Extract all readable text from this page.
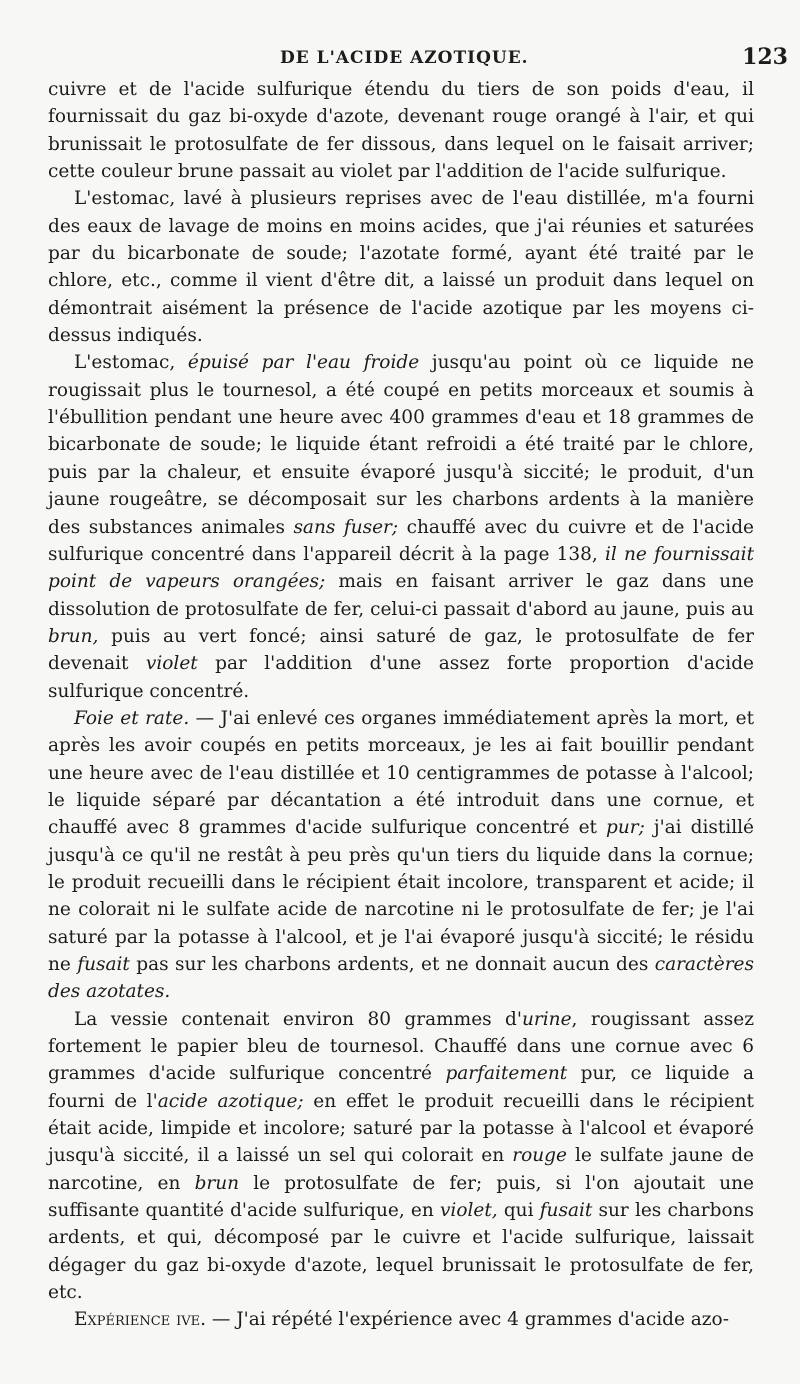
DE L'ACIDE AZOTIQUE.	123

cuivre et de l'acide sulfurique étendu du tiers de son poids d'eau, il fournissait du gaz bi-oxyde d'azote, devenant rouge orangé à l'air, et qui brunissait le protosulfate de fer dissous, dans lequel on le faisait arriver; cette couleur brune passait au violet par l'addition de l'acide sulfurique.

L'estomac, lavé à plusieurs reprises avec de l'eau distillée, m'a fourni des eaux de lavage de moins en moins acides, que j'ai réunies et saturées par du bicarbonate de soude; l'azotate formé, ayant été traité par le chlore, etc., comme il vient d'être dit, a laissé un produit dans lequel on démontrait aisément la présence de l'acide azotique par les moyens ci-dessus indiqués.

L'estomac, épuisé par l'eau froide jusqu'au point où ce liquide ne rougissait plus le tournesol, a été coupé en petits morceaux et soumis à l'ébullition pendant une heure avec 400 grammes d'eau et 18 grammes de bicarbonate de soude; le liquide étant refroidi a été traité par le chlore, puis par la chaleur, et ensuite évaporé jusqu'à siccité; le produit, d'un jaune rougeâtre, se décomposait sur les charbons ardents à la manière des substances animales sans fuser; chauffé avec du cuivre et de l'acide sulfurique concentré dans l'appareil décrit à la page 138, il ne fournissait point de vapeurs orangées; mais en faisant arriver le gaz dans une dissolution de protosulfate de fer, celui-ci passait d'abord au jaune, puis au brun, puis au vert foncé; ainsi saturé de gaz, le protosulfate de fer devenait violet par l'addition d'une assez forte proportion d'acide sulfurique concentré.

Foie et rate. — J'ai enlevé ces organes immédiatement après la mort, et après les avoir coupés en petits morceaux, je les ai fait bouillir pendant une heure avec de l'eau distillée et 10 centigrammes de potasse à l'alcool; le liquide séparé par décantation a été introduit dans une cornue, et chauffé avec 8 grammes d'acide sulfurique concentré et pur; j'ai distillé jusqu'à ce qu'il ne restât à peu près qu'un tiers du liquide dans la cornue; le produit recueilli dans le récipient était incolore, transparent et acide; il ne colorait ni le sulfate acide de narcotine ni le protosulfate de fer; je l'ai saturé par la potasse à l'alcool, et je l'ai évaporé jusqu'à siccité; le résidu ne fusait pas sur les charbons ardents, et ne donnait aucun des caractères des azotates.

La vessie contenait environ 80 grammes d'urine, rougissant assez fortement le papier bleu de tournesol. Chauffé dans une cornue avec 6 grammes d'acide sulfurique concentré parfaitement pur, ce liquide a fourni de l'acide azotique; en effet le produit recueilli dans le récipient était acide, limpide et incolore; saturé par la potasse à l'alcool et évaporé jusqu'à siccité, il a laissé un sel qui colorait en rouge le sulfate jaune de narcotine, en brun le protosulfate de fer; puis, si l'on ajoutait une suffisante quantité d'acide sulfurique, en violet, qui fusait sur les charbons ardents, et qui, décomposé par le cuivre et l'acide sulfurique, laissait dégager du gaz bi-oxyde d'azote, lequel brunissait le protosulfate de fer, etc.

Expérience ive. — J'ai répété l'expérience avec 4 grammes d'acide azo-
